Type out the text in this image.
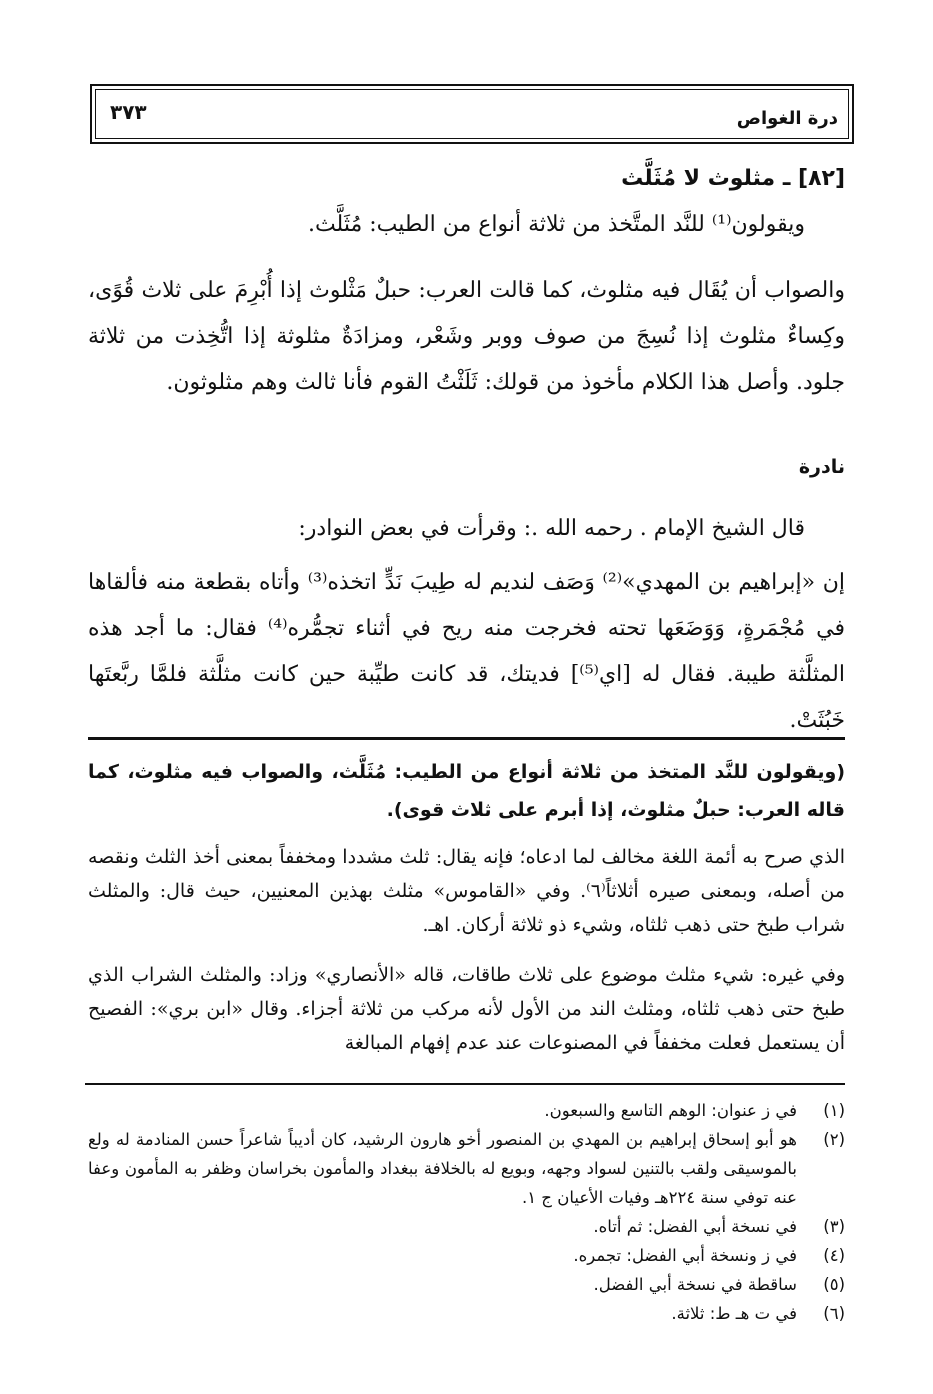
درة الغواص
٣٧٣
[٨٢] ـ مثلوث لا مُثَلَّث
ويقولون⁽¹⁾ للنَّد المتَّخذ من ثلاثة أنواع من الطيب: مُثَلَّث.
والصواب أن يُقَال فيه مثلوث، كما قالت العرب: حبلٌ مَثْلوث إذا أُبْرِمَ على ثلاث قُوًى، وكِساءٌ مثلوث إذا نُسِجَ من صوف ووبر وشَعْر، ومزادَةٌ مثلوثة إذا اتُّخِذت من ثلاثة جلود. وأصل هذا الكلام مأخوذ من قولك: ثَلَثْتُ القوم فأنا ثالث وهم مثلوثون.
نادرة
قال الشيخ الإمام . رحمه الله .: وقرأت في بعض النوادر:
إن «إبراهيم بن المهدي»⁽²⁾ وَصَف لنديم له طِيبَ نَدٍّ اتخذه⁽³⁾ وأتاه بقطعة منه فألقاها في مُجْمَرةٍ، وَوَضَعَها تحته فخرجت منه ريح في أثناء تجمُّره⁽⁴⁾ فقال: ما أجد هذه المثلَّثة طيبة. فقال له [اي⁽⁵⁾] فديتك، قد كانت طيِّبة حين كانت مثلَّثة فلمَّا ربَّعتَها خَبُثَتْ.
(ويقولون للنَّد المتخذ من ثلاثة أنواع من الطيب: مُثَلَّث، والصواب فيه مثلوث، كما قاله العرب: حبلٌ مثلوث، إذا أبرم على ثلاث قوى).
الذي صرح به أئمة اللغة مخالف لما ادعاه؛ فإنه يقال: ثلث مشددا ومخففاً بمعنى أخذ الثلث ونقصه من أصله، وبمعنى صيره أثلاثاً⁽٦⁾. وفي «القاموس» مثلث بهذين المعنيين، حيث قال: والمثلث شراب طبخ حتى ذهب ثلثاه، وشيء ذو ثلاثة أركان. اهـ.
وفي غيره: شيء مثلث موضوع على ثلاث طاقات، قاله «الأنصاري» وزاد: والمثلث الشراب الذي طبخ حتى ذهب ثلثاه، ومثلث الند من الأول لأنه مركب من ثلاثة أجزاء. وقال «ابن بري»: الفصيح أن يستعمل فعلت مخففاً في المصنوعات عند عدم إفهام المبالغة
(١)
في ز عنوان: الوهم التاسع والسبعون.
(٢)
هو أبو إسحاق إبراهيم بن المهدي بن المنصور أخو هارون الرشيد، كان أديباً شاعراً حسن المنادمة له ولع بالموسيقى ولقب بالتنين لسواد وجهه، وبويع له بالخلافة ببغداد والمأمون بخراسان وظفر به المأمون وعفا عنه توفي سنة ٢٢٤هـ وفيات الأعيان ج ١.
(٣)
في نسخة أبي الفضل: ثم أتاه.
(٤)
في ز ونسخة أبي الفضل: تجمره.
(٥)
ساقطة في نسخة أبي الفضل.
(٦)
في ت هـ ط: ثلاثة.
